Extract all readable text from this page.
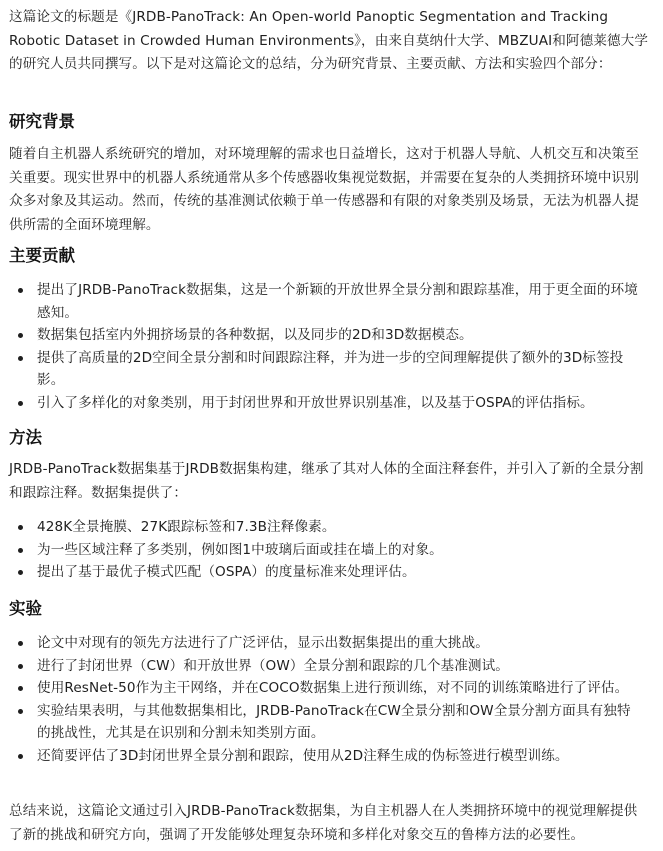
这篇论文的标题是《JRDB-PanoTrack: An Open-world Panoptic Segmentation and Tracking Robotic Dataset in Crowded Human Environments》，由来自莫纳什大学、MBZUAI和阿德莱德大学的研究人员共同撰写。以下是对这篇论文的总结，分为研究背景、主要贡献、方法和实验四个部分：

研究背景

随着自主机器人系统研究的增加，对环境理解的需求也日益增长，这对于机器人导航、人机交互和决策至关重要。现实世界中的机器人系统通常从多个传感器收集视觉数据，并需要在复杂的人类拥挤环境中识别众多对象及其运动。然而，传统的基准测试依赖于单一传感器和有限的对象类别及场景，无法为机器人提供所需的全面环境理解。

主要贡献
提出了JRDB-PanoTrack数据集，这是一个新颖的开放世界全景分割和跟踪基准，用于更全面的环境感知。
数据集包括室内外拥挤场景的各种数据，以及同步的2D和3D数据模态。
提供了高质量的2D空间全景分割和时间跟踪注释，并为进一步的空间理解提供了额外的3D标签投影。
引入了多样化的对象类别，用于封闭世界和开放世界识别基准，以及基于OSPA的评估指标。
方法

JRDB-PanoTrack数据集基于JRDB数据集构建，继承了其对人体的全面注释套件，并引入了新的全景分割和跟踪注释。数据集提供了：

428K全景掩膜、27K跟踪标签和7.3B注释像素。
为一些区域注释了多类别，例如图1中玻璃后面或挂在墙上的对象。
提出了基于最优子模式匹配（OSPA）的度量标准来处理评估。
实验
论文中对现有的领先方法进行了广泛评估，显示出数据集提出的重大挑战。
进行了封闭世界（CW）和开放世界（OW）全景分割和跟踪的几个基准测试。
使用ResNet-50作为主干网络，并在COCO数据集上进行预训练，对不同的训练策略进行了评估。
实验结果表明，与其他数据集相比，JRDB-PanoTrack在CW全景分割和OW全景分割方面具有独特的挑战性，尤其是在识别和分割未知类别方面。
还简要评估了3D封闭世界全景分割和跟踪，使用从2D注释生成的伪标签进行模型训练。

总结来说，这篇论文通过引入JRDB-PanoTrack数据集，为自主机器人在人类拥挤环境中的视觉理解提供了新的挑战和研究方向，强调了开发能够处理复杂环境和多样化对象交互的鲁棒方法的必要性。
